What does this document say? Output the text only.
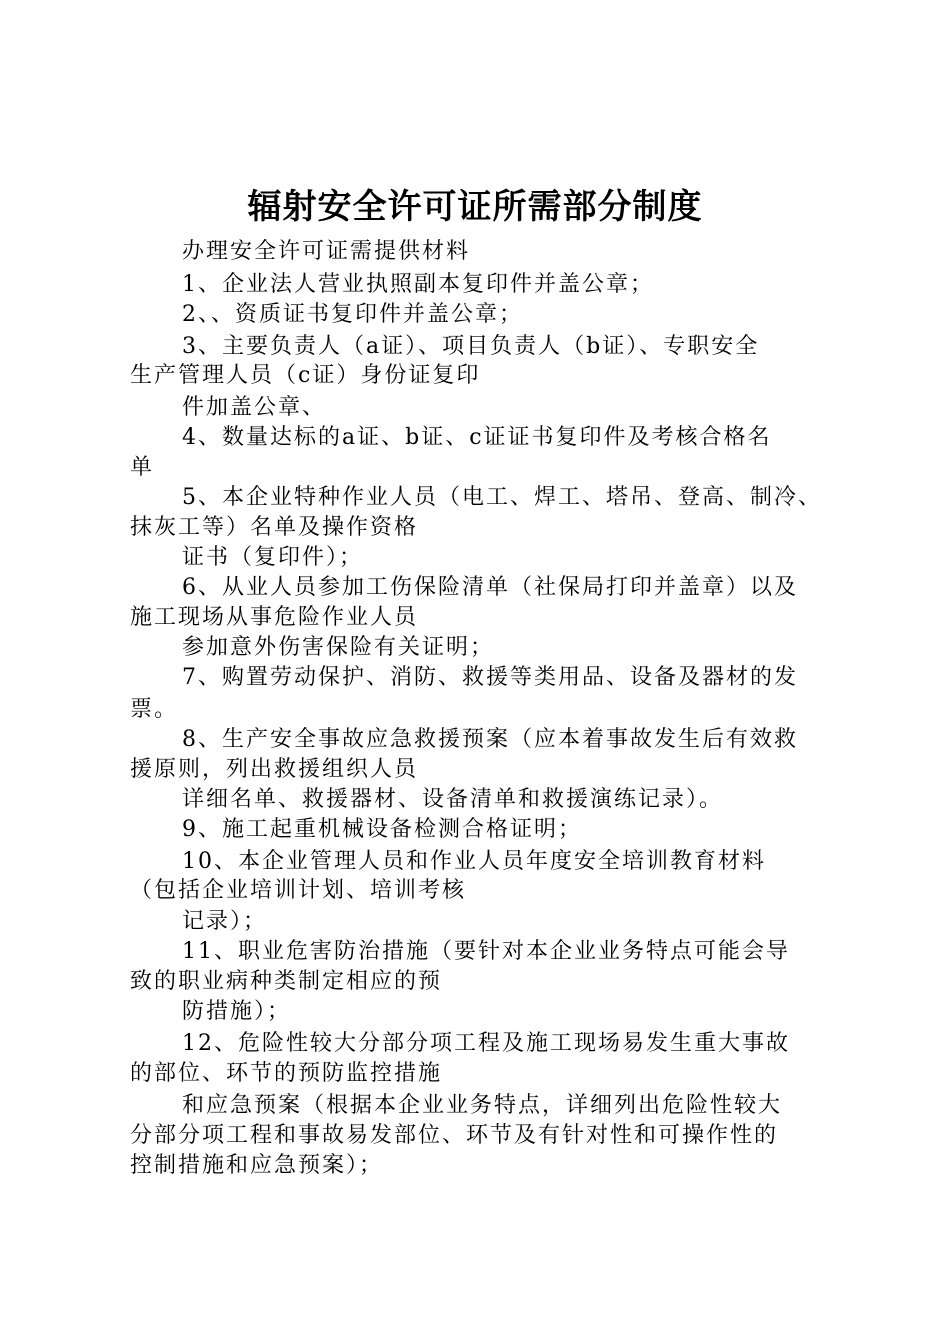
辐射安全许可证所需部分制度
办理安全许可证需提供材料
1、企业法人营业执照副本复印件并盖公章；
2、、资质证书复印件并盖公章；
3、主要负责人（a证）、项目负责人（b证）、专职安全
生产管理人员（c证）身份证复印
件加盖公章、
4、数量达标的a证、b证、c证证书复印件及考核合格名
单
5、本企业特种作业人员（电工、焊工、塔吊、登高、制冷、
抹灰工等）名单及操作资格
证书（复印件）；
6、从业人员参加工伤保险清单（社保局打印并盖章）以及
施工现场从事危险作业人员
参加意外伤害保险有关证明；
7、购置劳动保护、消防、救援等类用品、设备及器材的发
票。
8、生产安全事故应急救援预案（应本着事故发生后有效救
援原则，列出救援组织人员
详细名单、救援器材、设备清单和救援演练记录）。
9、施工起重机械设备检测合格证明；
10、本企业管理人员和作业人员年度安全培训教育材料
（包括企业培训计划、培训考核
记录）；
11、职业危害防治措施（要针对本企业业务特点可能会导
致的职业病种类制定相应的预
防措施）；
12、危险性较大分部分项工程及施工现场易发生重大事故
的部位、环节的预防监控措施
和应急预案（根据本企业业务特点，详细列出危险性较大
分部分项工程和事故易发部位、环节及有针对性和可操作性的
控制措施和应急预案）；
